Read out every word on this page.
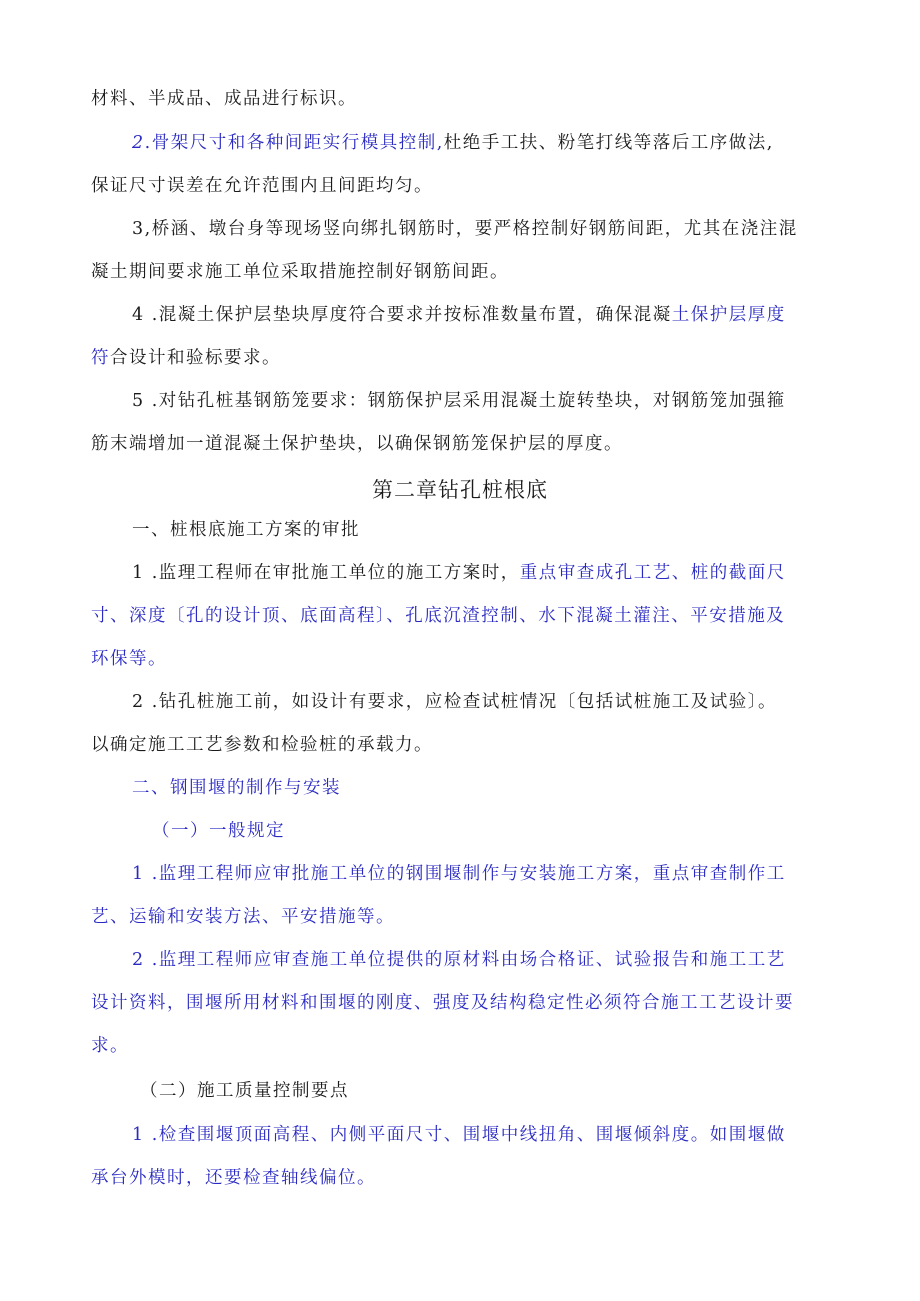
材料、半成品、成品进行标识。
2.骨架尺寸和各种间距实行模具控制,杜绝手工扶、粉笔打线等落后工序做法,
保证尺寸误差在允许范围内且间距均匀。
3,桥涵、墩台身等现场竖向绑扎钢筋时，要严格控制好钢筋间距，尤其在浇注混
凝土期间要求施工单位采取措施控制好钢筋间距。
4 .混凝土保护层垫块厚度符合要求并按标准数量布置，确保混凝土保护层厚度
符合设计和验标要求。
5 .对钻孔桩基钢筋笼要求：钢筋保护层采用混凝土旋转垫块，对钢筋笼加强箍
筋末端增加一道混凝土保护垫块，以确保钢筋笼保护层的厚度。
第二章钻孔桩根底
一、桩根底施工方案的审批
1 .监理工程师在审批施工单位的施工方案时，重点审查成孔工艺、桩的截面尺
寸、深度〔孔的设计顶、底面高程〕、孔底沉渣控制、水下混凝土灌注、平安措施及
环保等。
2 .钻孔桩施工前，如设计有要求，应检查试桩情况〔包括试桩施工及试验〕。
以确定施工工艺参数和检验桩的承载力。
二、钢围堰的制作与安装
（一）一般规定
1 .监理工程师应审批施工单位的钢围堰制作与安装施工方案，重点审查制作工
艺、运输和安装方法、平安措施等。
2 .监理工程师应审查施工单位提供的原材料由场合格证、试验报告和施工工艺
设计资料，围堰所用材料和围堰的刚度、强度及结构稳定性必须符合施工工艺设计要
求。
（二）施工质量控制要点
1 .检查围堰顶面高程、内侧平面尺寸、围堰中线扭角、围堰倾斜度。如围堰做
承台外模时，还要检查轴线偏位。
